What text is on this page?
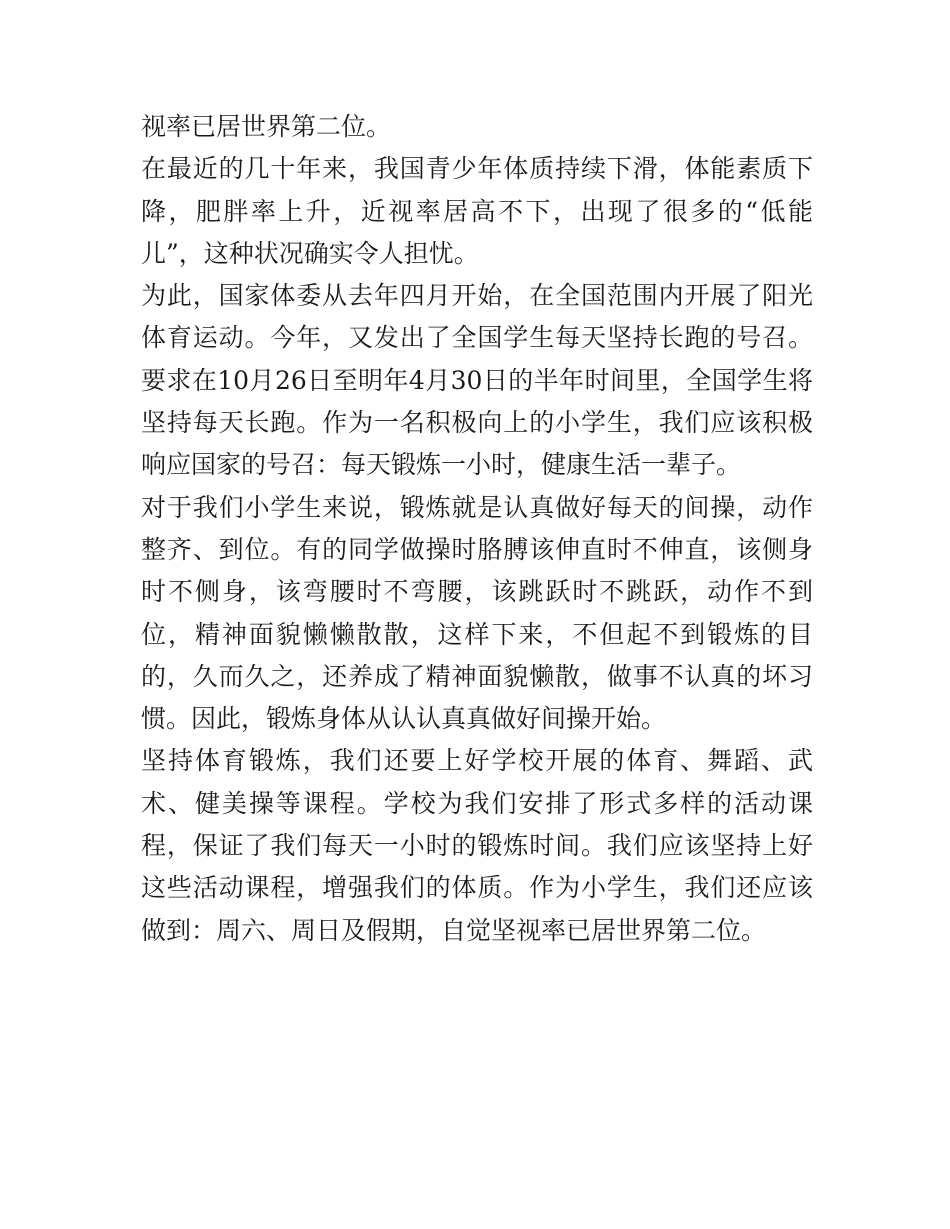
视率已居世界第二位。

在最近的几十年来，我国青少年体质持续下滑，体能素质下降，肥胖率上升，近视率居高不下，出现了很多的“低能儿”，这种状况确实令人担忧。

为此，国家体委从去年四月开始，在全国范围内开展了阳光体育运动。今年，又发出了全国学生每天坚持长跑的号召。要求在10月26日至明年4月30日的半年时间里，全国学生将坚持每天长跑。作为一名积极向上的小学生，我们应该积极响应国家的号召：每天锻炼一小时，健康生活一辈子。

对于我们小学生来说，锻炼就是认真做好每天的间操，动作整齐、到位。有的同学做操时胳膊该伸直时不伸直，该侧身时不侧身，该弯腰时不弯腰，该跳跃时不跳跃，动作不到位，精神面貌懒懒散散，这样下来，不但起不到锻炼的目的，久而久之，还养成了精神面貌懒散，做事不认真的坏习惯。因此，锻炼身体从认认真真做好间操开始。

坚持体育锻炼，我们还要上好学校开展的体育、舞蹈、武术、健美操等课程。学校为我们安排了形式多样的活动课程，保证了我们每天一小时的锻炼时间。我们应该坚持上好这些活动课程，增强我们的体质。作为小学生，我们还应该做到：周六、周日及假期，自觉坚视率已居世界第二位。
